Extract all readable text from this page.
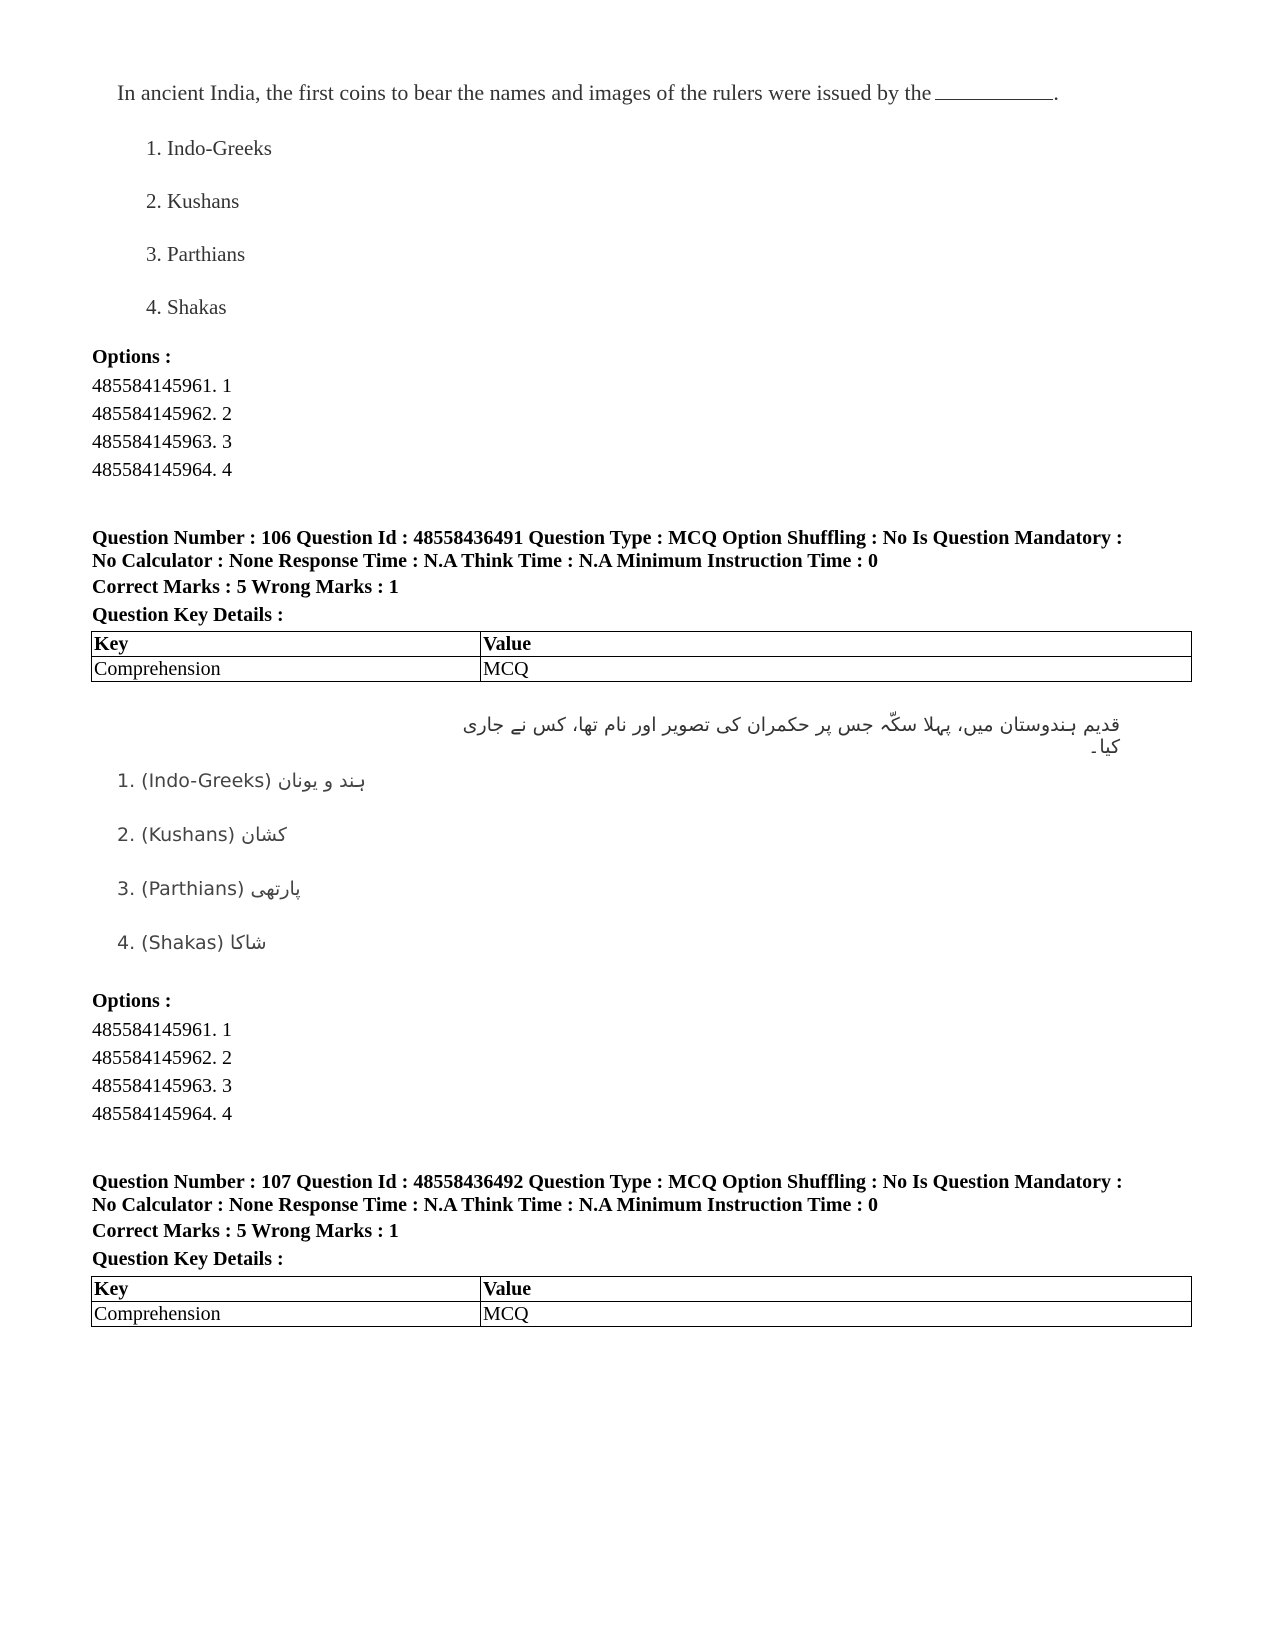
In ancient India, the first coins to bear the names and images of the rulers were issued by the	.
1. Indo-Greeks
2. Kushans
3. Parthians
4. Shakas
Options :
485584145961. 1
485584145962. 2
485584145963. 3
485584145964. 4
Question Number : 106 Question Id : 48558436491 Question Type : MCQ Option Shuffling : No Is Question Mandatory :
No Calculator : None Response Time : N.A Think Time : N.A Minimum Instruction Time : 0
Correct Marks : 5 Wrong Marks : 1
Question Key Details :
Key	Value
Comprehension	MCQ
قدیم ہندوستان میں، پہلا سکّہ جس پر حکمران کی تصویر اور نام تھا، کس نے جاری کیا۔
1. (Indo-Greeks) ہند و یونان
2. (Kushans) کشان
3. (Parthians) پارتھی
4. (Shakas) شاکا
Options :
485584145961. 1
485584145962. 2
485584145963. 3
485584145964. 4
Question Number : 107 Question Id : 48558436492 Question Type : MCQ Option Shuffling : No Is Question Mandatory :
No Calculator : None Response Time : N.A Think Time : N.A Minimum Instruction Time : 0
Correct Marks : 5 Wrong Marks : 1
Question Key Details :
Key	Value
Comprehension	MCQ
